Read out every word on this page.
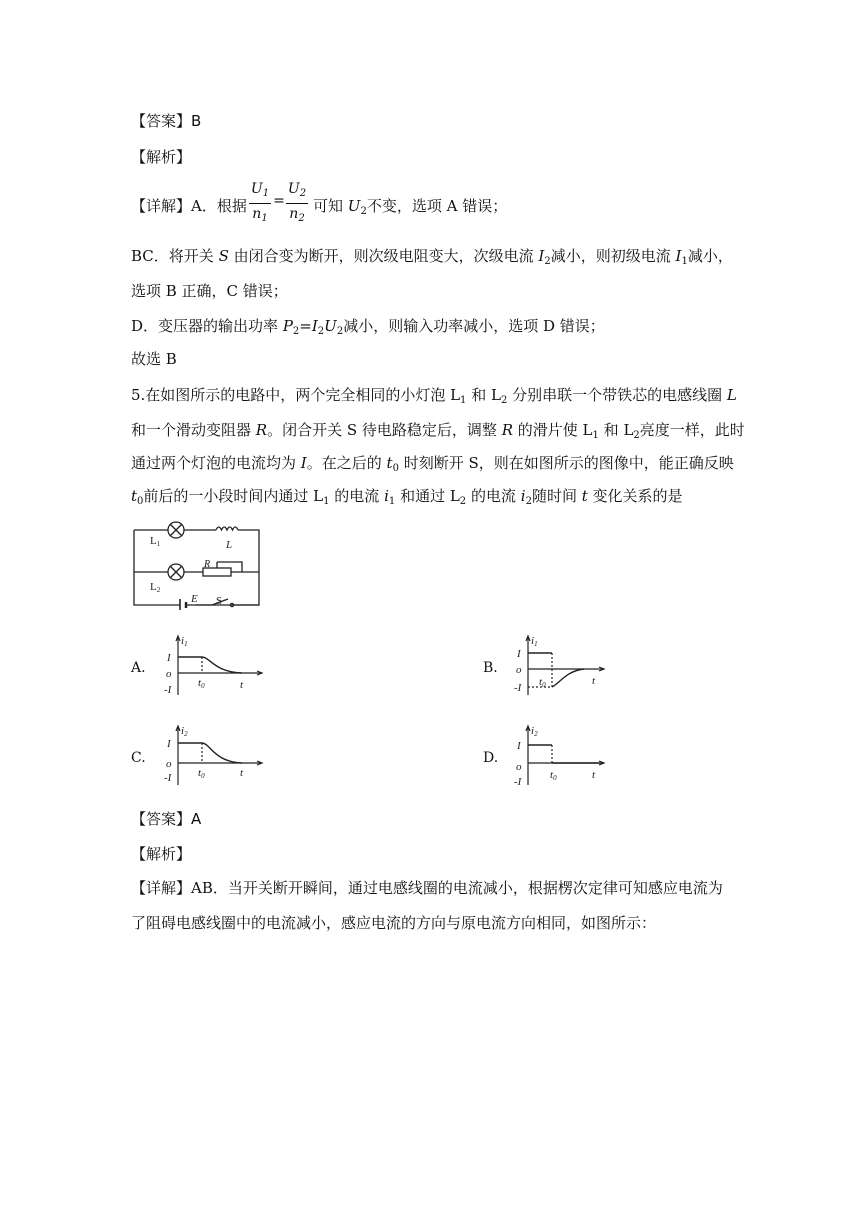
【答案】B
【解析】
【详解】A．根据
$U_1$
$n_1$
=
$U_2$
$n_2$
可知 $U_2$不变，选项 A 错误；
BC．将开关 S 由闭合变为断开，则次级电阻变大，次级电流 $I_2$减小，则初级电流 $I_1$减小，
选项 B 正确，C 错误；
D．变压器的输出功率 $P_2=I_2U_2$减小，则输入功率减小，选项 D 错误；
故选 B
5.在如图所示的电路中，两个完全相同的小灯泡 $L_1$ 和 $L_2$ 分别串联一个带铁芯的电感线圈 L
和一个滑动变阻器 R。闭合开关 S 待电路稳定后，调整 R 的滑片使 $L_1$ 和 $L_2$亮度一样，此时
通过两个灯泡的电流均为 I。在之后的 $t_0$ 时刻断开 S，则在如图所示的图像中，能正确反映
$t_0$前后的一小段时间内通过 $L_1$ 的电流 $i_1$ 和通过 $L_2$ 的电流 $i_2$随时间 t 变化关系的是
L1	L
R
L2
E S
A.
i1
I
o
-I
t0	t
B.
i1
I
o
-I t0	t
C.
i2
I
o
-I t0	t
D.
i2
I
o
-I
t0	t
【答案】A
【解析】
【详解】AB．当开关断开瞬间，通过电感线圈的电流减小，根据楞次定律可知感应电流为
了阻碍电感线圈中的电流减小，感应电流的方向与原电流方向相同，如图所示：
